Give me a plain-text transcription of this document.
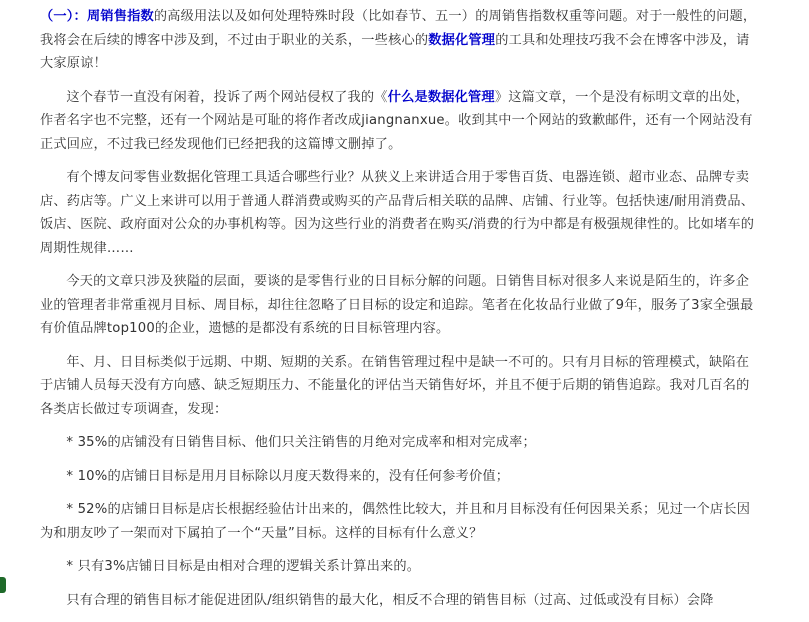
（一）：周销售指数的高级用法以及如何处理特殊时段（比如春节、五一）的周销售指数权重等问题。对于一般性的问题，我将会在后续的博客中涉及到，不过由于职业的关系，一些核心的数据化管理的工具和处理技巧我不会在博客中涉及，请大家原谅！

这个春节一直没有闲着，投诉了两个网站侵权了我的《什么是数据化管理》这篇文章，一个是没有标明文章的出处，作者名字也不完整，还有一个网站是可耻的将作者改成jiangnanxue。收到其中一个网站的致歉邮件，还有一个网站没有正式回应，不过我已经发现他们已经把我的这篇博文删掉了。

有个博友问零售业数据化管理工具适合哪些行业？从狭义上来讲适合用于零售百货、电器连锁、超市业态、品牌专卖店、药店等。广义上来讲可以用于普通人群消费或购买的产品背后相关联的品牌、店铺、行业等。包括快速/耐用消费品、饭店、医院、政府面对公众的办事机构等。因为这些行业的消费者在购买/消费的行为中都是有极强规律性的。比如堵车的周期性规律……

今天的文章只涉及狭隘的层面，要谈的是零售行业的日目标分解的问题。日销售目标对很多人来说是陌生的，许多企业的管理者非常重视月目标、周目标，却往往忽略了日目标的设定和追踪。笔者在化妆品行业做了9年，服务了3家全强最有价值品牌top100的企业，遗憾的是都没有系统的日目标管理内容。

年、月、日目标类似于远期、中期、短期的关系。在销售管理过程中是缺一不可的。只有月目标的管理模式，缺陷在于店铺人员每天没有方向感、缺乏短期压力、不能量化的评估当天销售好坏，并且不便于后期的销售追踪。我对几百名的各类店长做过专项调查，发现：

* 35%的店铺没有日销售目标、他们只关注销售的月绝对完成率和相对完成率；

* 10%的店铺日目标是用月目标除以月度天数得来的，没有任何参考价值；

* 52%的店铺日目标是店长根据经验估计出来的，偶然性比较大，并且和月目标没有任何因果关系；见过一个店长因为和朋友吵了一架而对下属拍了一个“天量”目标。这样的目标有什么意义？

* 只有3%店铺日目标是由相对合理的逻辑关系计算出来的。

只有合理的销售目标才能促进团队/组织销售的最大化，相反不合理的销售目标（过高、过低或没有目标）会降
